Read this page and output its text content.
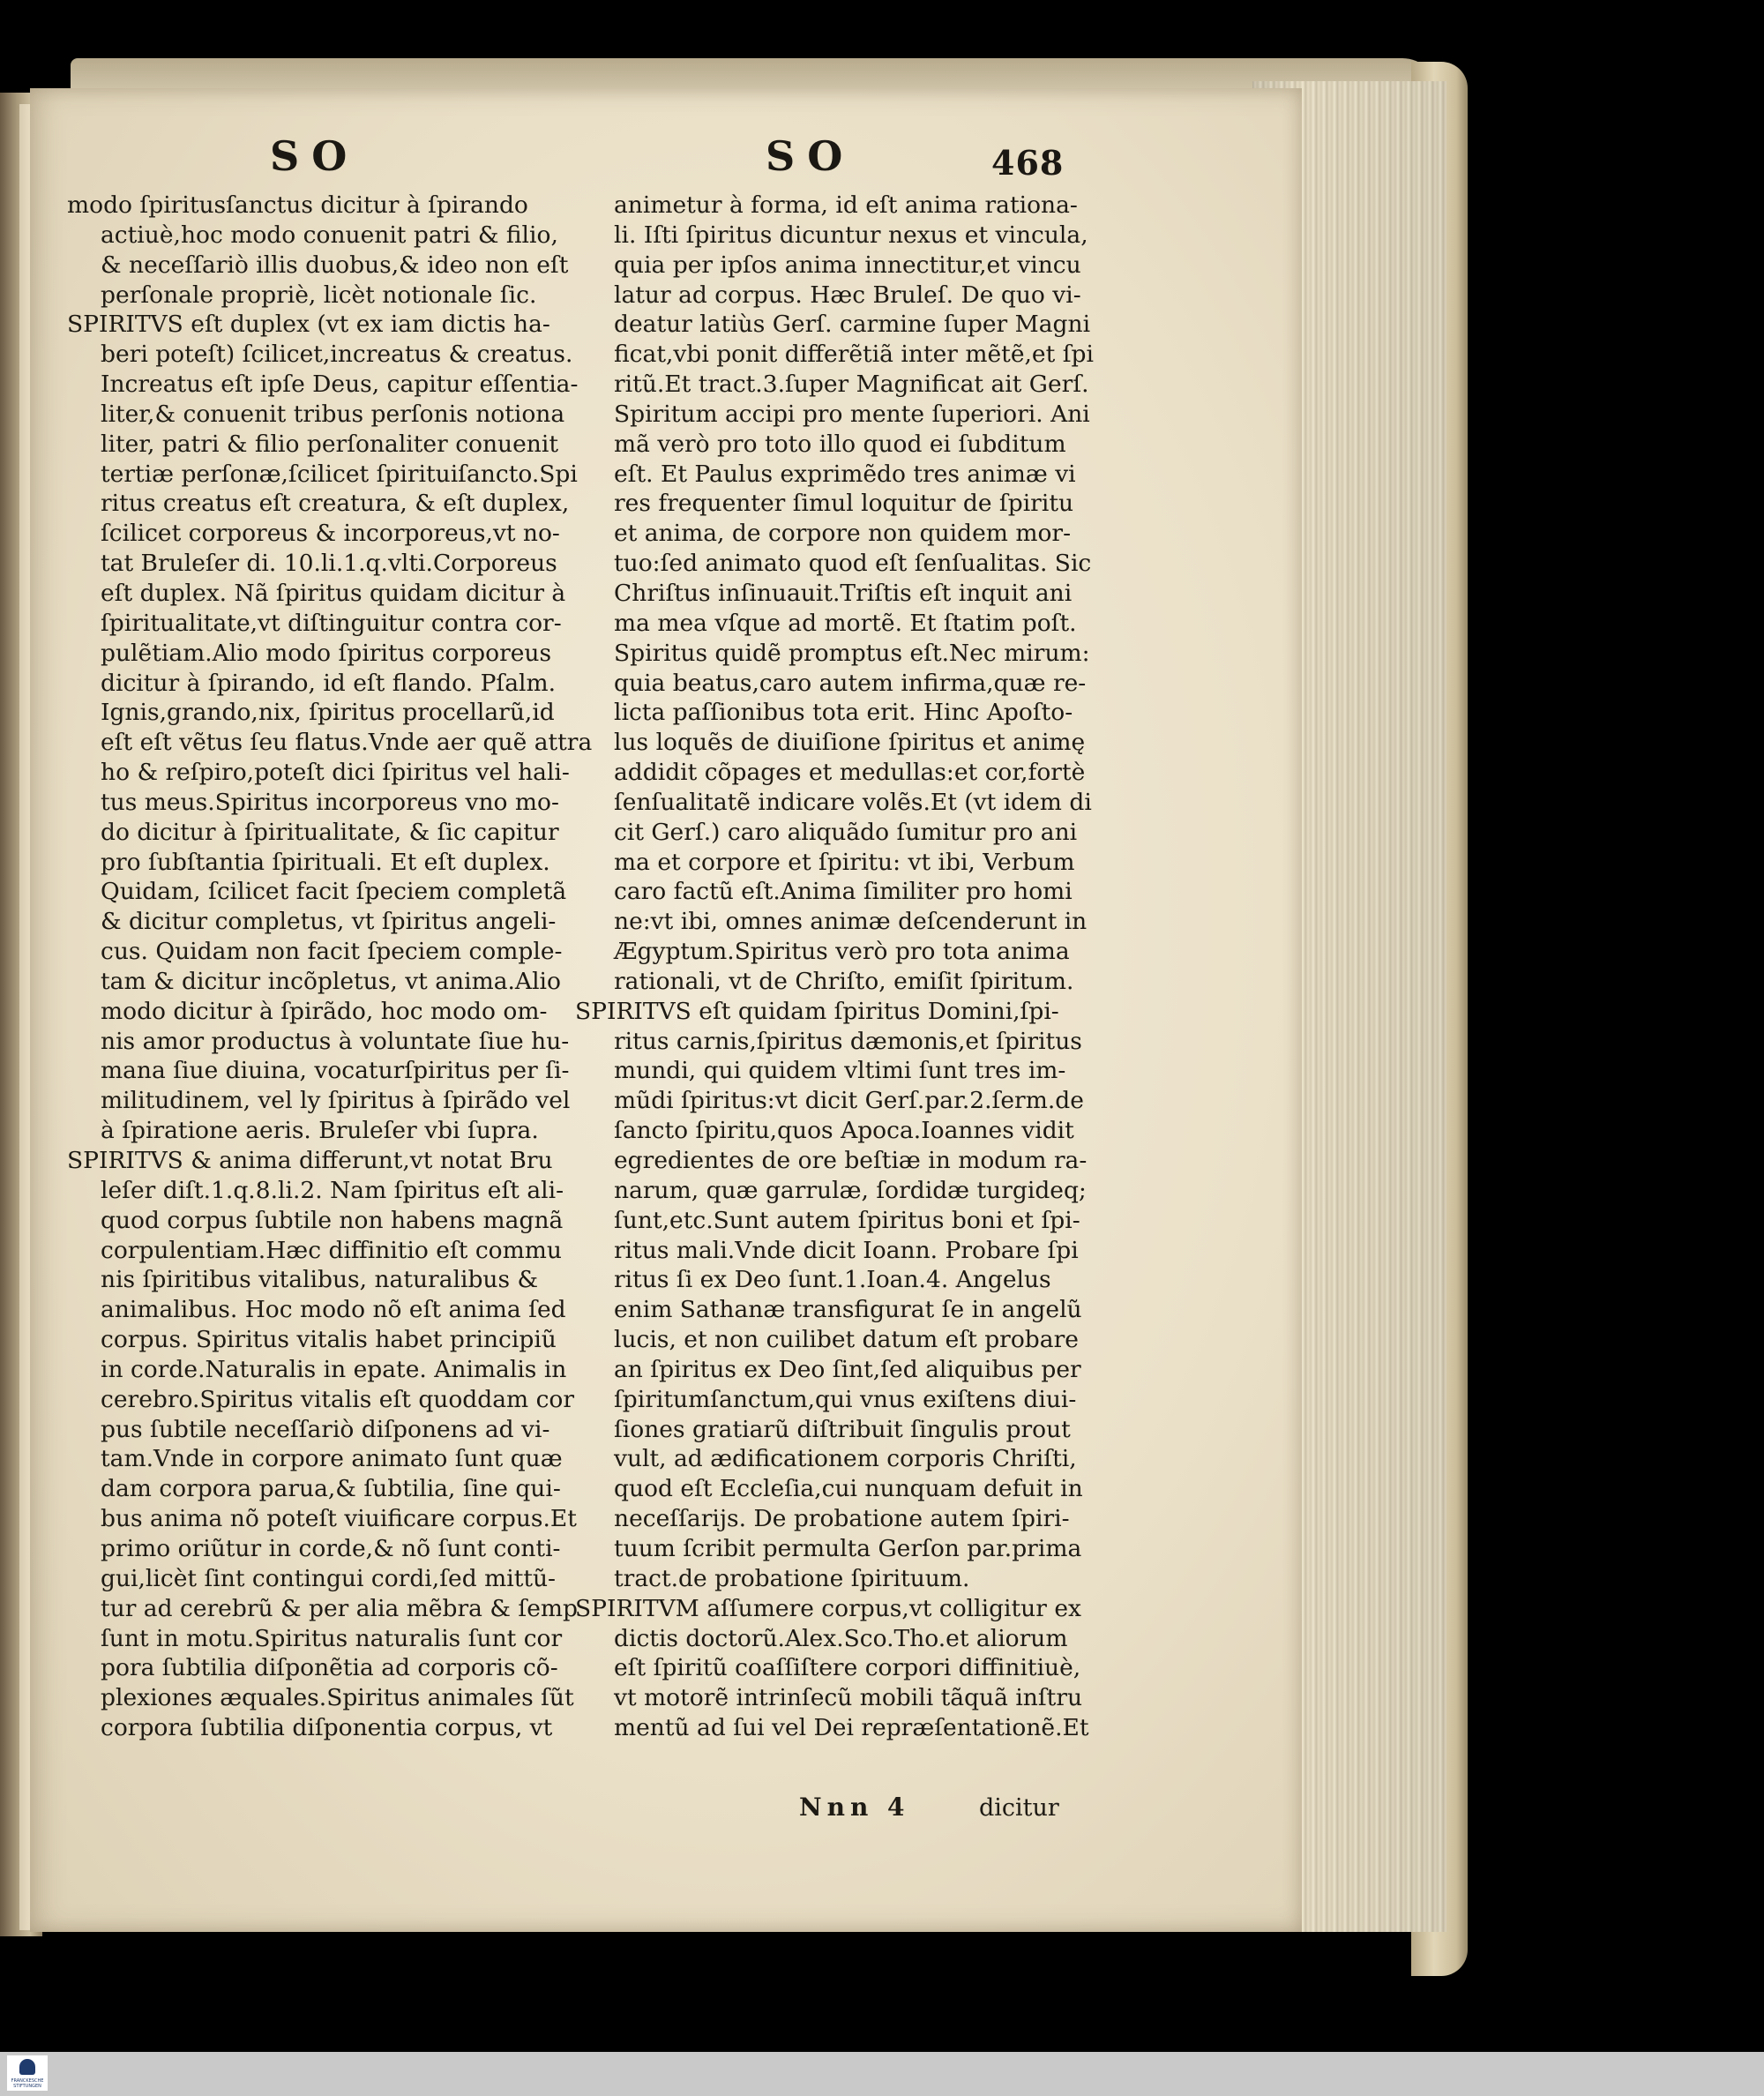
SO	SO	468
modo ſpiritusſanctus dicitur à ſpirando
actiuè,hoc modo conuenit patri & filio,
& neceſſariò illis duobus,& ideo non eſt
perſonale propriè, licèt notionale ſic.
SPIRITVS eſt duplex (vt ex iam dictis ha-
beri poteſt) ſcilicet,increatus & creatus.
Increatus eſt ipſe Deus, capitur eſſentia-
liter,& conuenit tribus perſonis notiona
liter, patri & filio perſonaliter conuenit
tertiæ perſonæ,ſcilicet ſpirituiſancto.Spi
ritus creatus eſt creatura, & eſt duplex,
ſcilicet corporeus & incorporeus,vt no-
tat Bruleſer di. 10.li.1.q.vlti.Corporeus
eſt duplex. Nã ſpiritus quidam dicitur à
ſpiritualitate,vt diſtinguitur contra cor-
pulẽtiam.Alio modo ſpiritus corporeus
dicitur à ſpirando, id eſt flando. Pſalm.
Ignis,grando,nix, ſpiritus procellarũ,id
eſt eſt vẽtus ſeu flatus.Vnde aer quẽ attra
ho & reſpiro,poteſt dici ſpiritus vel hali-
tus meus.Spiritus incorporeus vno mo-
do dicitur à ſpiritualitate, & ſic capitur
pro ſubſtantia ſpirituali. Et eſt duplex.
Quidam, ſcilicet facit ſpeciem completã
& dicitur completus, vt ſpiritus angeli-
cus. Quidam non facit ſpeciem comple-
tam & dicitur incõpletus, vt anima.Alio
modo dicitur à ſpirãdo, hoc modo om-
nis amor productus à voluntate ſiue hu-
mana ſiue diuina, vocaturſpiritus per ſi-
militudinem, vel ly ſpiritus à ſpirãdo vel
à ſpiratione aeris. Bruleſer vbi ſupra.
SPIRITVS & anima differunt,vt notat Bru
leſer diſt.1.q.8.li.2. Nam ſpiritus eſt ali-
quod corpus ſubtile non habens magnã
corpulentiam.Hæc diffinitio eſt commu
nis ſpiritibus vitalibus, naturalibus &
animalibus. Hoc modo nõ eſt anima ſed
corpus. Spiritus vitalis habet principiũ
in corde.Naturalis in epate. Animalis in
cerebro.Spiritus vitalis eſt quoddam cor
pus ſubtile neceſſariò diſponens ad vi-
tam.Vnde in corpore animato ſunt quæ
dam corpora parua,& ſubtilia, ſine qui-
bus anima nõ poteſt viuificare corpus.Et
primo oriũtur in corde,& nõ ſunt conti-
gui,licèt ſint contingui cordi,ſed mittũ-
tur ad cerebrũ & per alia mẽbra & ſemp
ſunt in motu.Spiritus naturalis ſunt cor
pora ſubtilia diſponẽtia ad corporis cõ-
plexiones æquales.Spiritus animales ſũt
corpora ſubtilia diſponentia corpus, vt
animetur à forma, id eſt anima rationa-
li. Iſti ſpiritus dicuntur nexus et vincula,
quia per ipſos anima innectitur,et vincu
latur ad corpus. Hæc Bruleſ. De quo vi-
deatur latiùs Gerſ. carmine ſuper Magni
ficat,vbi ponit differẽtiã inter mẽtẽ,et ſpi
ritũ.Et tract.3.ſuper Magnificat ait Gerſ.
Spiritum accipi pro mente ſuperiori. Ani
mã verò pro toto illo quod ei ſubditum
eſt. Et Paulus exprimẽdo tres animæ vi
res frequenter ſimul loquitur de ſpiritu
et anima, de corpore non quidem mor-
tuo:ſed animato quod eſt ſenſualitas. Sic
Chriſtus inſinuauit.Triſtis eſt inquit ani
ma mea vſque ad mortẽ. Et ſtatim poſt.
Spiritus quidẽ promptus eſt.Nec mirum:
quia beatus,caro autem infirma,quæ re-
licta paſſionibus tota erit. Hinc Apoſto-
lus loquẽs de diuiſione ſpiritus et animę
addidit cõpages et medullas:et cor,fortè
ſenſualitatẽ indicare volẽs.Et (vt idem di
cit Gerſ.) caro aliquãdo ſumitur pro ani
ma et corpore et ſpiritu: vt ibi, Verbum
caro factũ eſt.Anima ſimiliter pro homi
ne:vt ibi, omnes animæ deſcenderunt in
Ægyptum.Spiritus verò pro tota anima
rationali, vt de Chriſto, emiſit ſpiritum.
SPIRITVS eſt quidam ſpiritus Domini,ſpi-
ritus carnis,ſpiritus dæmonis,et ſpiritus
mundi, qui quidem vltimi ſunt tres im-
mũdi ſpiritus:vt dicit Gerſ.par.2.ſerm.de
ſancto ſpiritu,quos Apoca.Ioannes vidit
egredientes de ore beſtiæ in modum ra-
narum, quæ garrulæ, ſordidæ turgideq;
ſunt,etc.Sunt autem ſpiritus boni et ſpi-
ritus mali.Vnde dicit Ioann. Probare ſpi
ritus ſi ex Deo ſunt.1.Ioan.4. Angelus
enim Sathanæ transfigurat ſe in angelũ
lucis, et non cuilibet datum eſt probare
an ſpiritus ex Deo ſint,ſed aliquibus per
ſpiritumſanctum,qui vnus exiſtens diui-
ſiones gratiarũ diſtribuit ſingulis prout
vult, ad ædificationem corporis Chriſti,
quod eſt Eccleſia,cui nunquam defuit in
neceſſarijs. De probatione autem ſpiri-
tuum ſcribit permulta Gerſon par.prima
tract.de probatione ſpirituum.
SPIRITVM aſſumere corpus,vt colligitur ex
dictis doctorũ.Alex.Sco.Tho.et aliorum
eſt ſpiritũ coaſſiſtere corpori diffinitiuè,
vt motorẽ intrinſecũ mobili tãquã inſtru
mentũ ad ſui vel Dei repræſentationẽ.Et
Nnn 4	dicitur
FRANCKESCHE STIFTUNGEN
